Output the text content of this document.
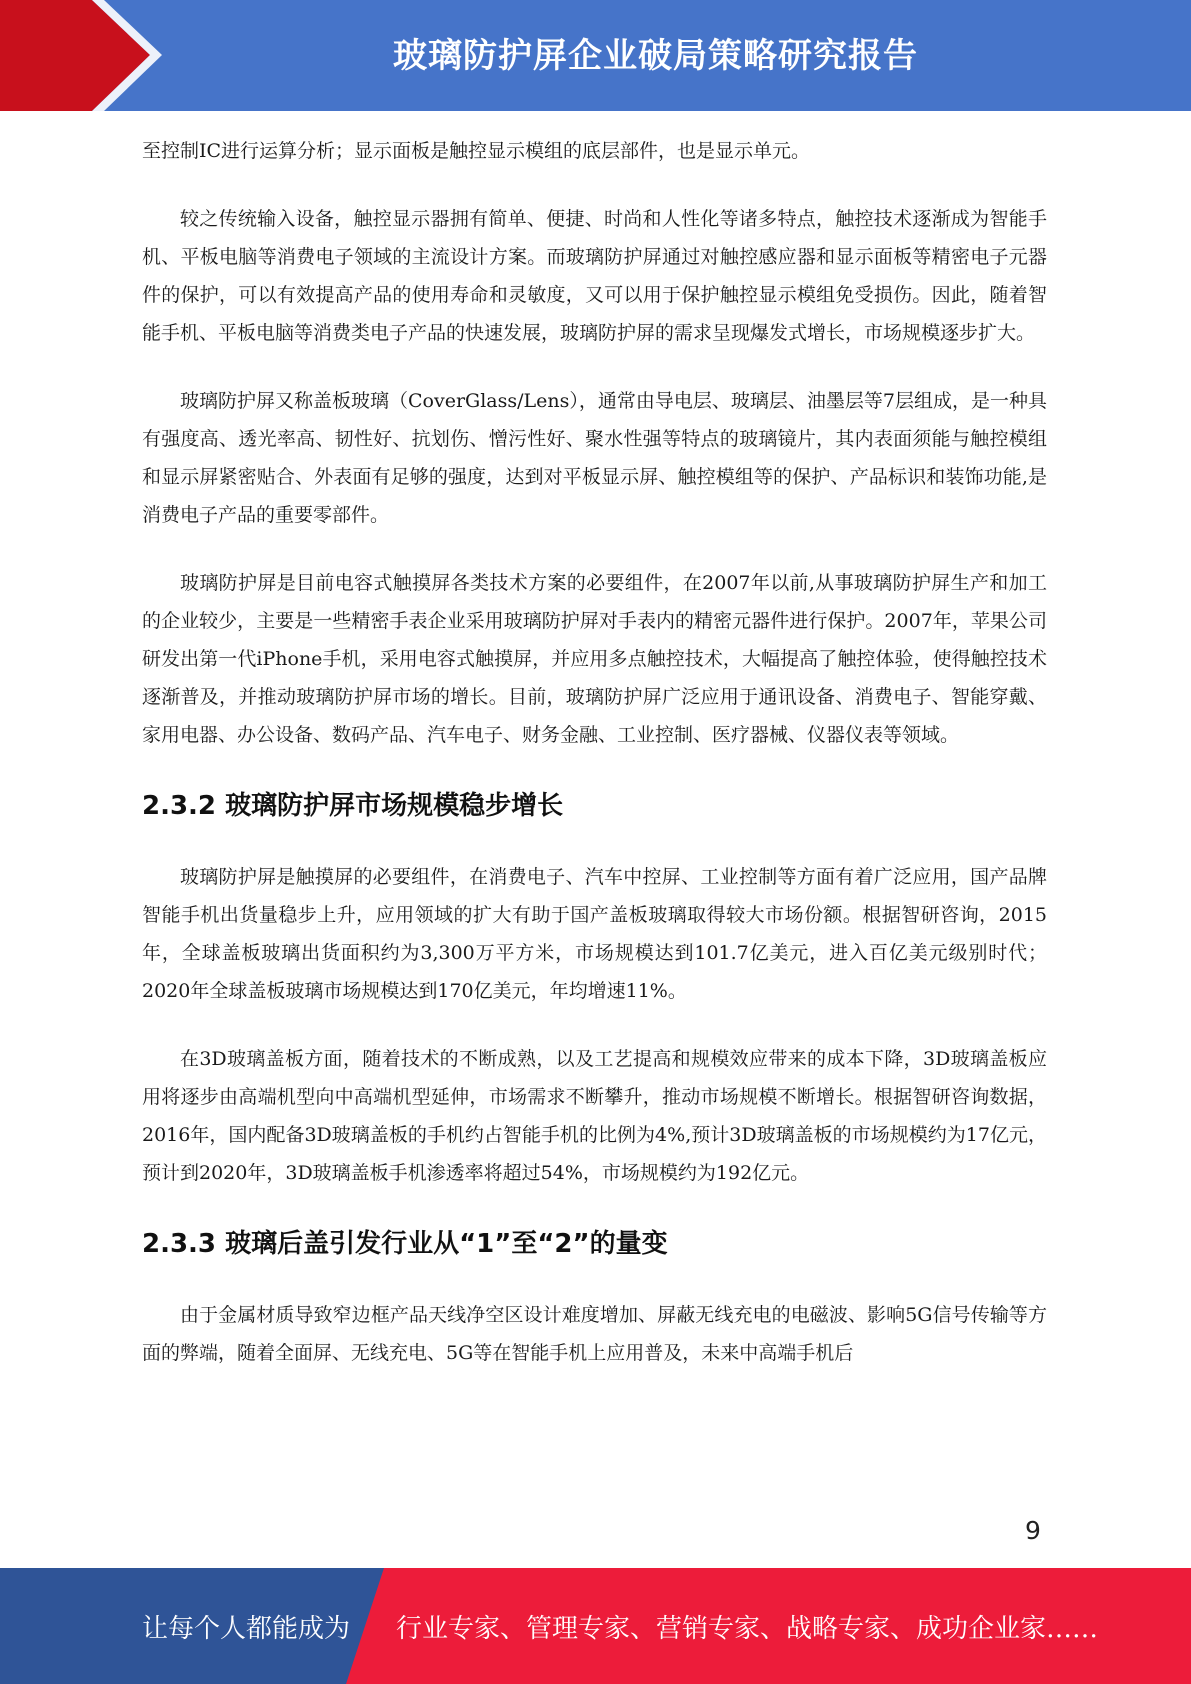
玻璃防护屏企业破局策略研究报告

至控制IC进行运算分析；显示面板是触控显示模组的底层部件，也是显示单元。

较之传统输入设备，触控显示器拥有简单、便捷、时尚和人性化等诸多特点，触控技术逐渐成为智能手机、平板电脑等消费电子领域的主流设计方案。而玻璃防护屏通过对触控感应器和显示面板等精密电子元器件的保护，可以有效提高产品的使用寿命和灵敏度，又可以用于保护触控显示模组免受损伤。因此，随着智能手机、平板电脑等消费类电子产品的快速发展，玻璃防护屏的需求呈现爆发式增长，市场规模逐步扩大。

玻璃防护屏又称盖板玻璃（CoverGlass/Lens），通常由导电层、玻璃层、油墨层等7层组成，是一种具有强度高、透光率高、韧性好、抗划伤、憎污性好、聚水性强等特点的玻璃镜片，其内表面须能与触控模组和显示屏紧密贴合、外表面有足够的强度，达到对平板显示屏、触控模组等的保护、产品标识和装饰功能,是消费电子产品的重要零部件。

玻璃防护屏是目前电容式触摸屏各类技术方案的必要组件，在2007年以前,从事玻璃防护屏生产和加工的企业较少，主要是一些精密手表企业采用玻璃防护屏对手表内的精密元器件进行保护。2007年，苹果公司研发出第一代iPhone手机，采用电容式触摸屏，并应用多点触控技术，大幅提高了触控体验，使得触控技术逐渐普及，并推动玻璃防护屏市场的增长。目前，玻璃防护屏广泛应用于通讯设备、消费电子、智能穿戴、家用电器、办公设备、数码产品、汽车电子、财务金融、工业控制、医疗器械、仪器仪表等领域。

2.3.2 玻璃防护屏市场规模稳步增长

玻璃防护屏是触摸屏的必要组件，在消费电子、汽车中控屏、工业控制等方面有着广泛应用，国产品牌智能手机出货量稳步上升，应用领域的扩大有助于国产盖板玻璃取得较大市场份额。根据智研咨询，2015年，全球盖板玻璃出货面积约为3,300万平方米，市场规模达到101.7亿美元，进入百亿美元级别时代；2020年全球盖板玻璃市场规模达到170亿美元，年均增速11%。

在3D玻璃盖板方面，随着技术的不断成熟，以及工艺提高和规模效应带来的成本下降，3D玻璃盖板应用将逐步由高端机型向中高端机型延伸，市场需求不断攀升，推动市场规模不断增长。根据智研咨询数据，2016年，国内配备3D玻璃盖板的手机约占智能手机的比例为4%,预计3D玻璃盖板的市场规模约为17亿元，预计到2020年，3D玻璃盖板手机渗透率将超过54%，市场规模约为192亿元。

2.3.3 玻璃后盖引发行业从“1”至“2”的量变

由于金属材质导致窄边框产品天线净空区设计难度增加、屏蔽无线充电的电磁波、影响5G信号传输等方面的弊端，随着全面屏、无线充电、5G等在智能手机上应用普及，未来中高端手机后

9
让每个人都能成为 行业专家、管理专家、营销专家、战略专家、成功企业家……
